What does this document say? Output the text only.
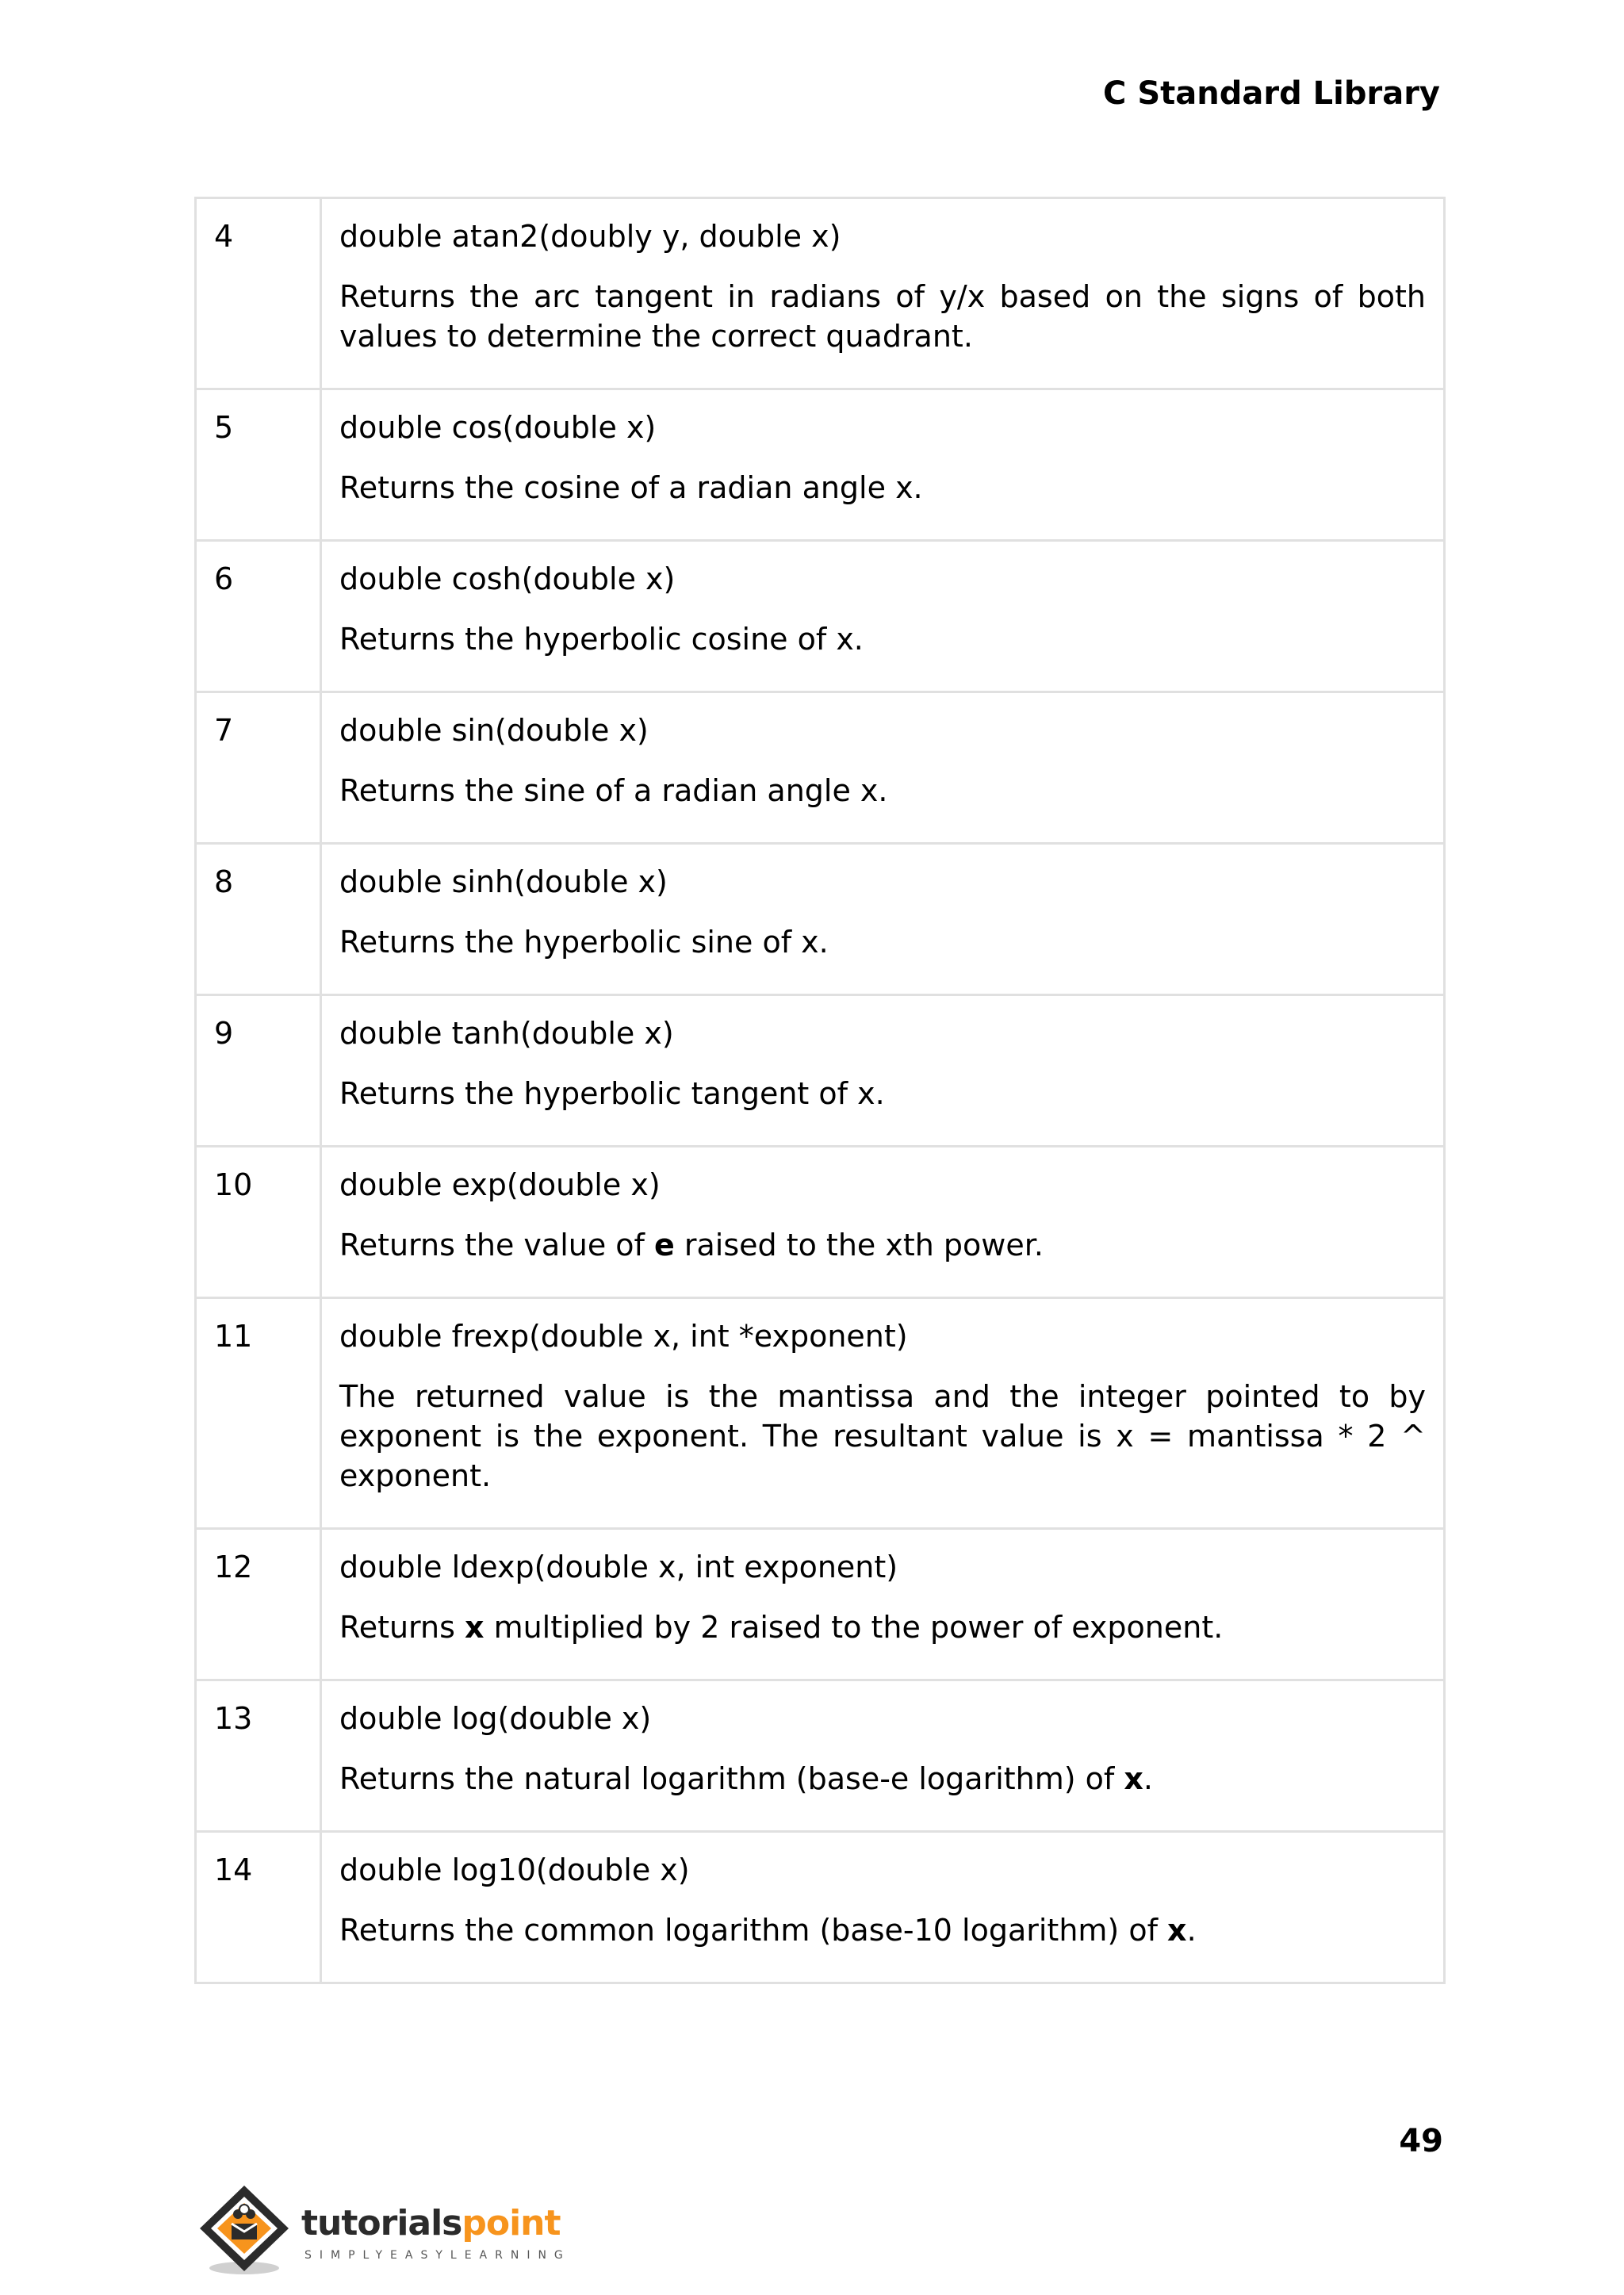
C Standard Library
4	double atan2(doubly y, double x)

Returns the arc tangent in radians of y/x based on the signs of both values to determine the correct quadrant.

5	double cos(double x)

Returns the cosine of a radian angle x.

6	double cosh(double x)

Returns the hyperbolic cosine of x.

7	double sin(double x)

Returns the sine of a radian angle x.

8	double sinh(double x)

Returns the hyperbolic sine of x.

9	double tanh(double x)

Returns the hyperbolic tangent of x.

10	double exp(double x)

Returns the value of e raised to the xth power.

11	double frexp(double x, int *exponent)

The returned value is the mantissa and the integer pointed to by exponent is the exponent. The resultant value is x = mantissa * 2 ^ exponent.

12	double ldexp(double x, int exponent)

Returns x multiplied by 2 raised to the power of exponent.

13	double log(double x)

Returns the natural logarithm (base-e logarithm) of x.

14	double log10(double x)

Returns the common logarithm (base-10 logarithm) of x.

49
tutorialspoint
SIMPLYEASYLEARNING
